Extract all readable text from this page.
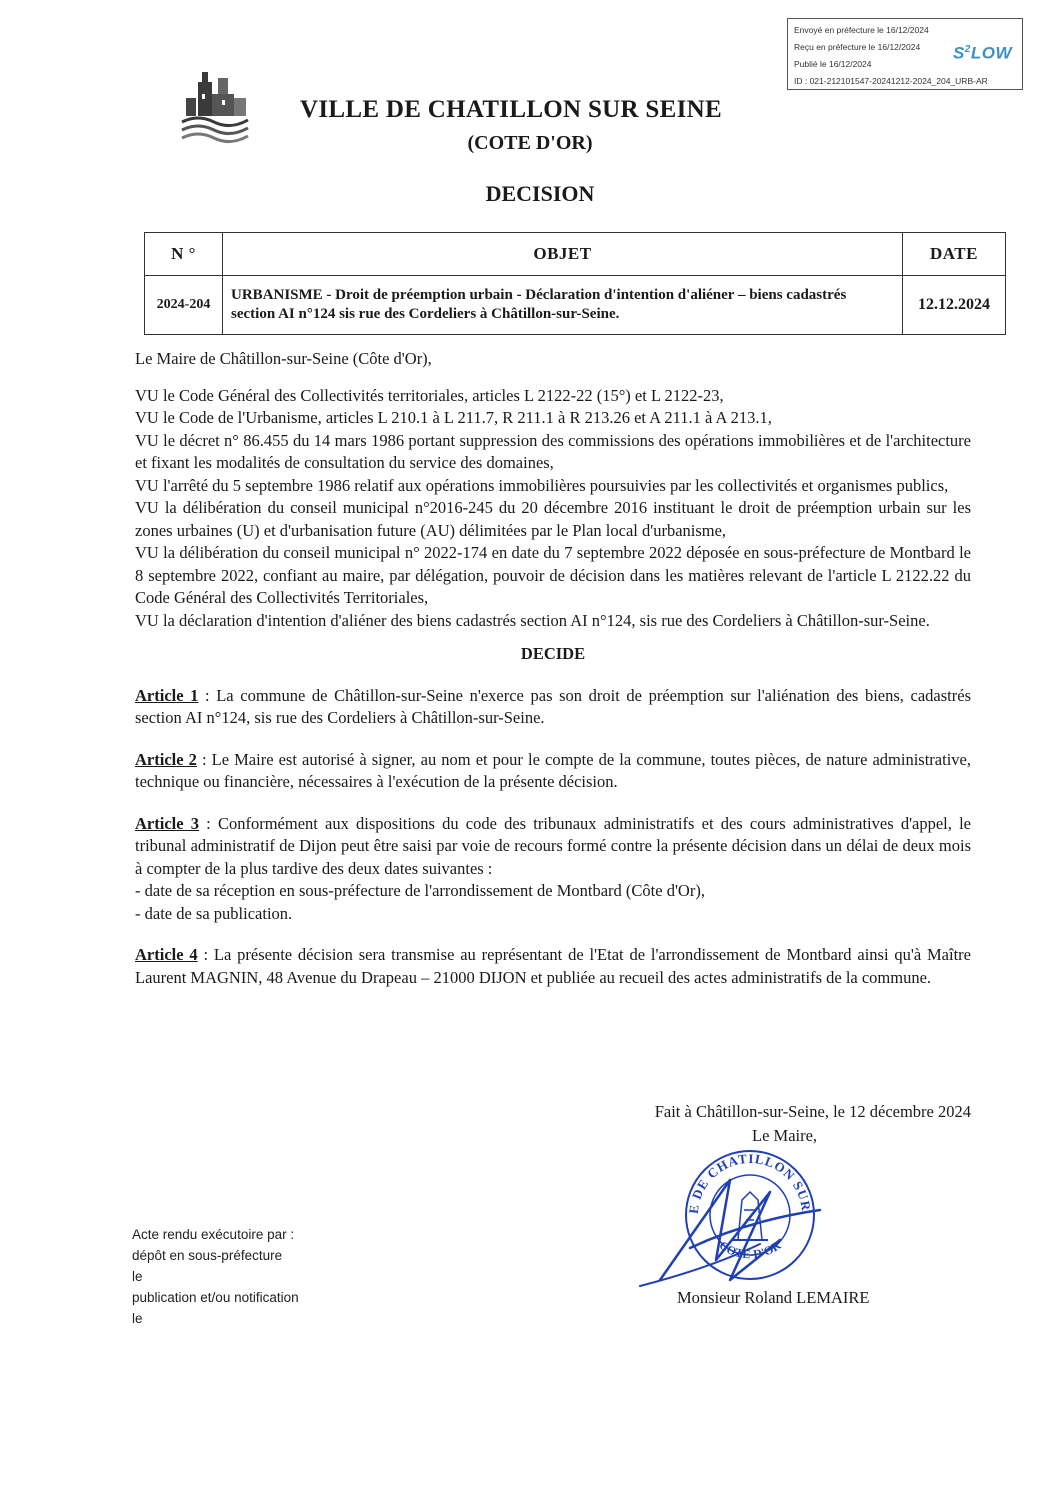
Envoyé en préfecture le 16/12/2024
Reçu en préfecture le 16/12/2024
Publié le 16/12/2024
ID : 021-212101547-20241212-2024_204_URB-AR
$S^2LOW$
VILLE DE CHATILLON SUR SEINE
(COTE D'OR)
DECISION
N °	OBJET	DATE
2024-204	URBANISME - Droit de préemption urbain - Déclaration d'intention d'aliéner – biens cadastrés section AI n°124 sis rue des Cordeliers à Châtillon-sur-Seine.	12.12.2024

Le Maire de Châtillon-sur-Seine (Côte d'Or),

VU le Code Général des Collectivités territoriales, articles L 2122-22 (15°) et L 2122-23,

VU le Code de l'Urbanisme, articles L 210.1 à L 211.7, R 211.1 à R 213.26 et A 211.1 à A 213.1,

VU le décret n° 86.455 du 14 mars 1986 portant suppression des commissions des opérations immobilières et de l'architecture et fixant les modalités de consultation du service des domaines,

VU l'arrêté du 5 septembre 1986 relatif aux opérations immobilières poursuivies par les collectivités et organismes publics,

VU la délibération du conseil municipal n°2016-245 du 20 décembre 2016 instituant le droit de préemption urbain sur les zones urbaines (U) et d'urbanisation future (AU) délimitées par le Plan local d'urbanisme,

VU la délibération du conseil municipal n° 2022-174 en date du 7 septembre 2022 déposée en sous-préfecture de Montbard le 8 septembre 2022, confiant au maire, par délégation, pouvoir de décision dans les matières relevant de l'article L 2122.22 du Code Général des Collectivités Territoriales,

VU la déclaration d'intention d'aliéner des biens cadastrés section AI n°124, sis rue des Cordeliers à Châtillon-sur-Seine.

DECIDE

Article 1 : La commune de Châtillon-sur-Seine n'exerce pas son droit de préemption sur l'aliénation des biens, cadastrés section AI n°124, sis rue des Cordeliers à Châtillon-sur-Seine.

Article 2 : Le Maire est autorisé à signer, au nom et pour le compte de la commune, toutes pièces, de nature administrative, technique ou financière, nécessaires à l'exécution de la présente décision.

Article 3 : Conformément aux dispositions du code des tribunaux administratifs et des cours administratives d'appel, le tribunal administratif de Dijon peut être saisi par voie de recours formé contre la présente décision dans un délai de deux mois à compter de la plus tardive des deux dates suivantes :

- date de sa réception en sous-préfecture de l'arrondissement de Montbard (Côte d'Or),

- date de sa publication.

Article 4 : La présente décision sera transmise au représentant de l'Etat de l'arrondissement de Montbard ainsi qu'à Maître Laurent MAGNIN, 48 Avenue du Drapeau – 21000 DIJON et publiée au recueil des actes administratifs de la commune.

Fait à Châtillon-sur-Seine, le 12 décembre 2024
Le Maire,
E DE CHATILLON SUR
COTE-D'OR
Monsieur Roland LEMAIRE
Acte rendu exécutoire par :
dépôt en sous-préfecture
le
publication et/ou notification
le
